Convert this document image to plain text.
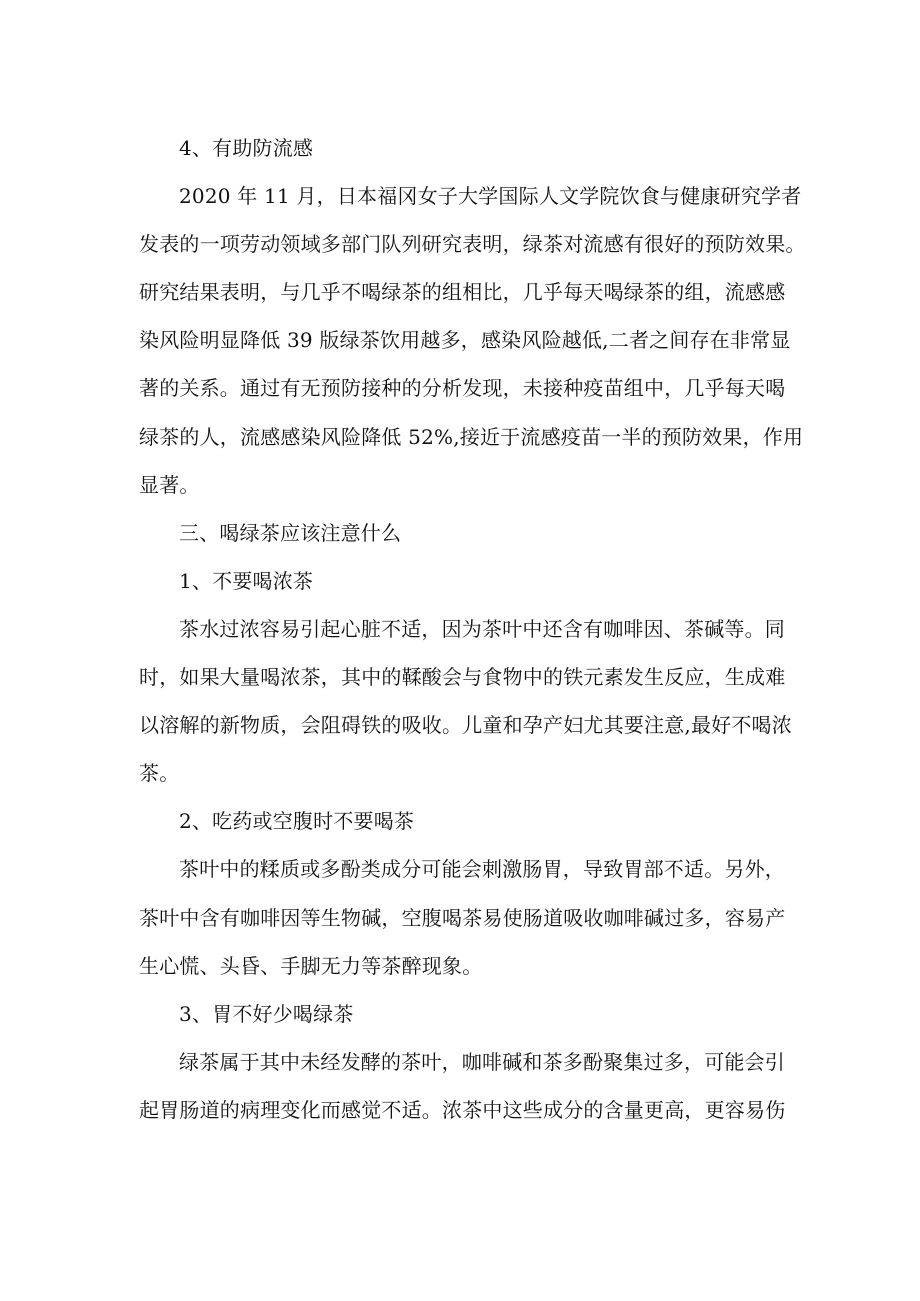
4、有助防流感
2020 年 11 月，日本福冈女子大学国际人文学院饮食与健康研究学者
发表的一项劳动领域多部门队列研究表明，绿茶对流感有很好的预防效果。
研究结果表明，与几乎不喝绿茶的组相比，几乎每天喝绿茶的组，流感感
染风险明显降低 39 版绿茶饮用越多，感染风险越低,二者之间存在非常显
著的关系。通过有无预防接种的分析发现，未接种疫苗组中，几乎每天喝
绿茶的人，流感感染风险降低 52%,接近于流感疫苗一半的预防效果，作用
显著。
三、喝绿茶应该注意什么
1、不要喝浓茶
茶水过浓容易引起心脏不适，因为茶叶中还含有咖啡因、茶碱等。同
时，如果大量喝浓茶，其中的鞣酸会与食物中的铁元素发生反应，生成难
以溶解的新物质，会阻碍铁的吸收。儿童和孕产妇尤其要注意,最好不喝浓
茶。
2、吃药或空腹时不要喝茶
茶叶中的糅质或多酚类成分可能会刺激肠胃，导致胃部不适。另外，
茶叶中含有咖啡因等生物碱，空腹喝茶易使肠道吸收咖啡碱过多，容易产
生心慌、头昏、手脚无力等茶醉现象。
3、胃不好少喝绿茶
绿茶属于其中未经发酵的茶叶，咖啡碱和茶多酚聚集过多，可能会引
起胃肠道的病理变化而感觉不适。浓茶中这些成分的含量更高，更容易伤
